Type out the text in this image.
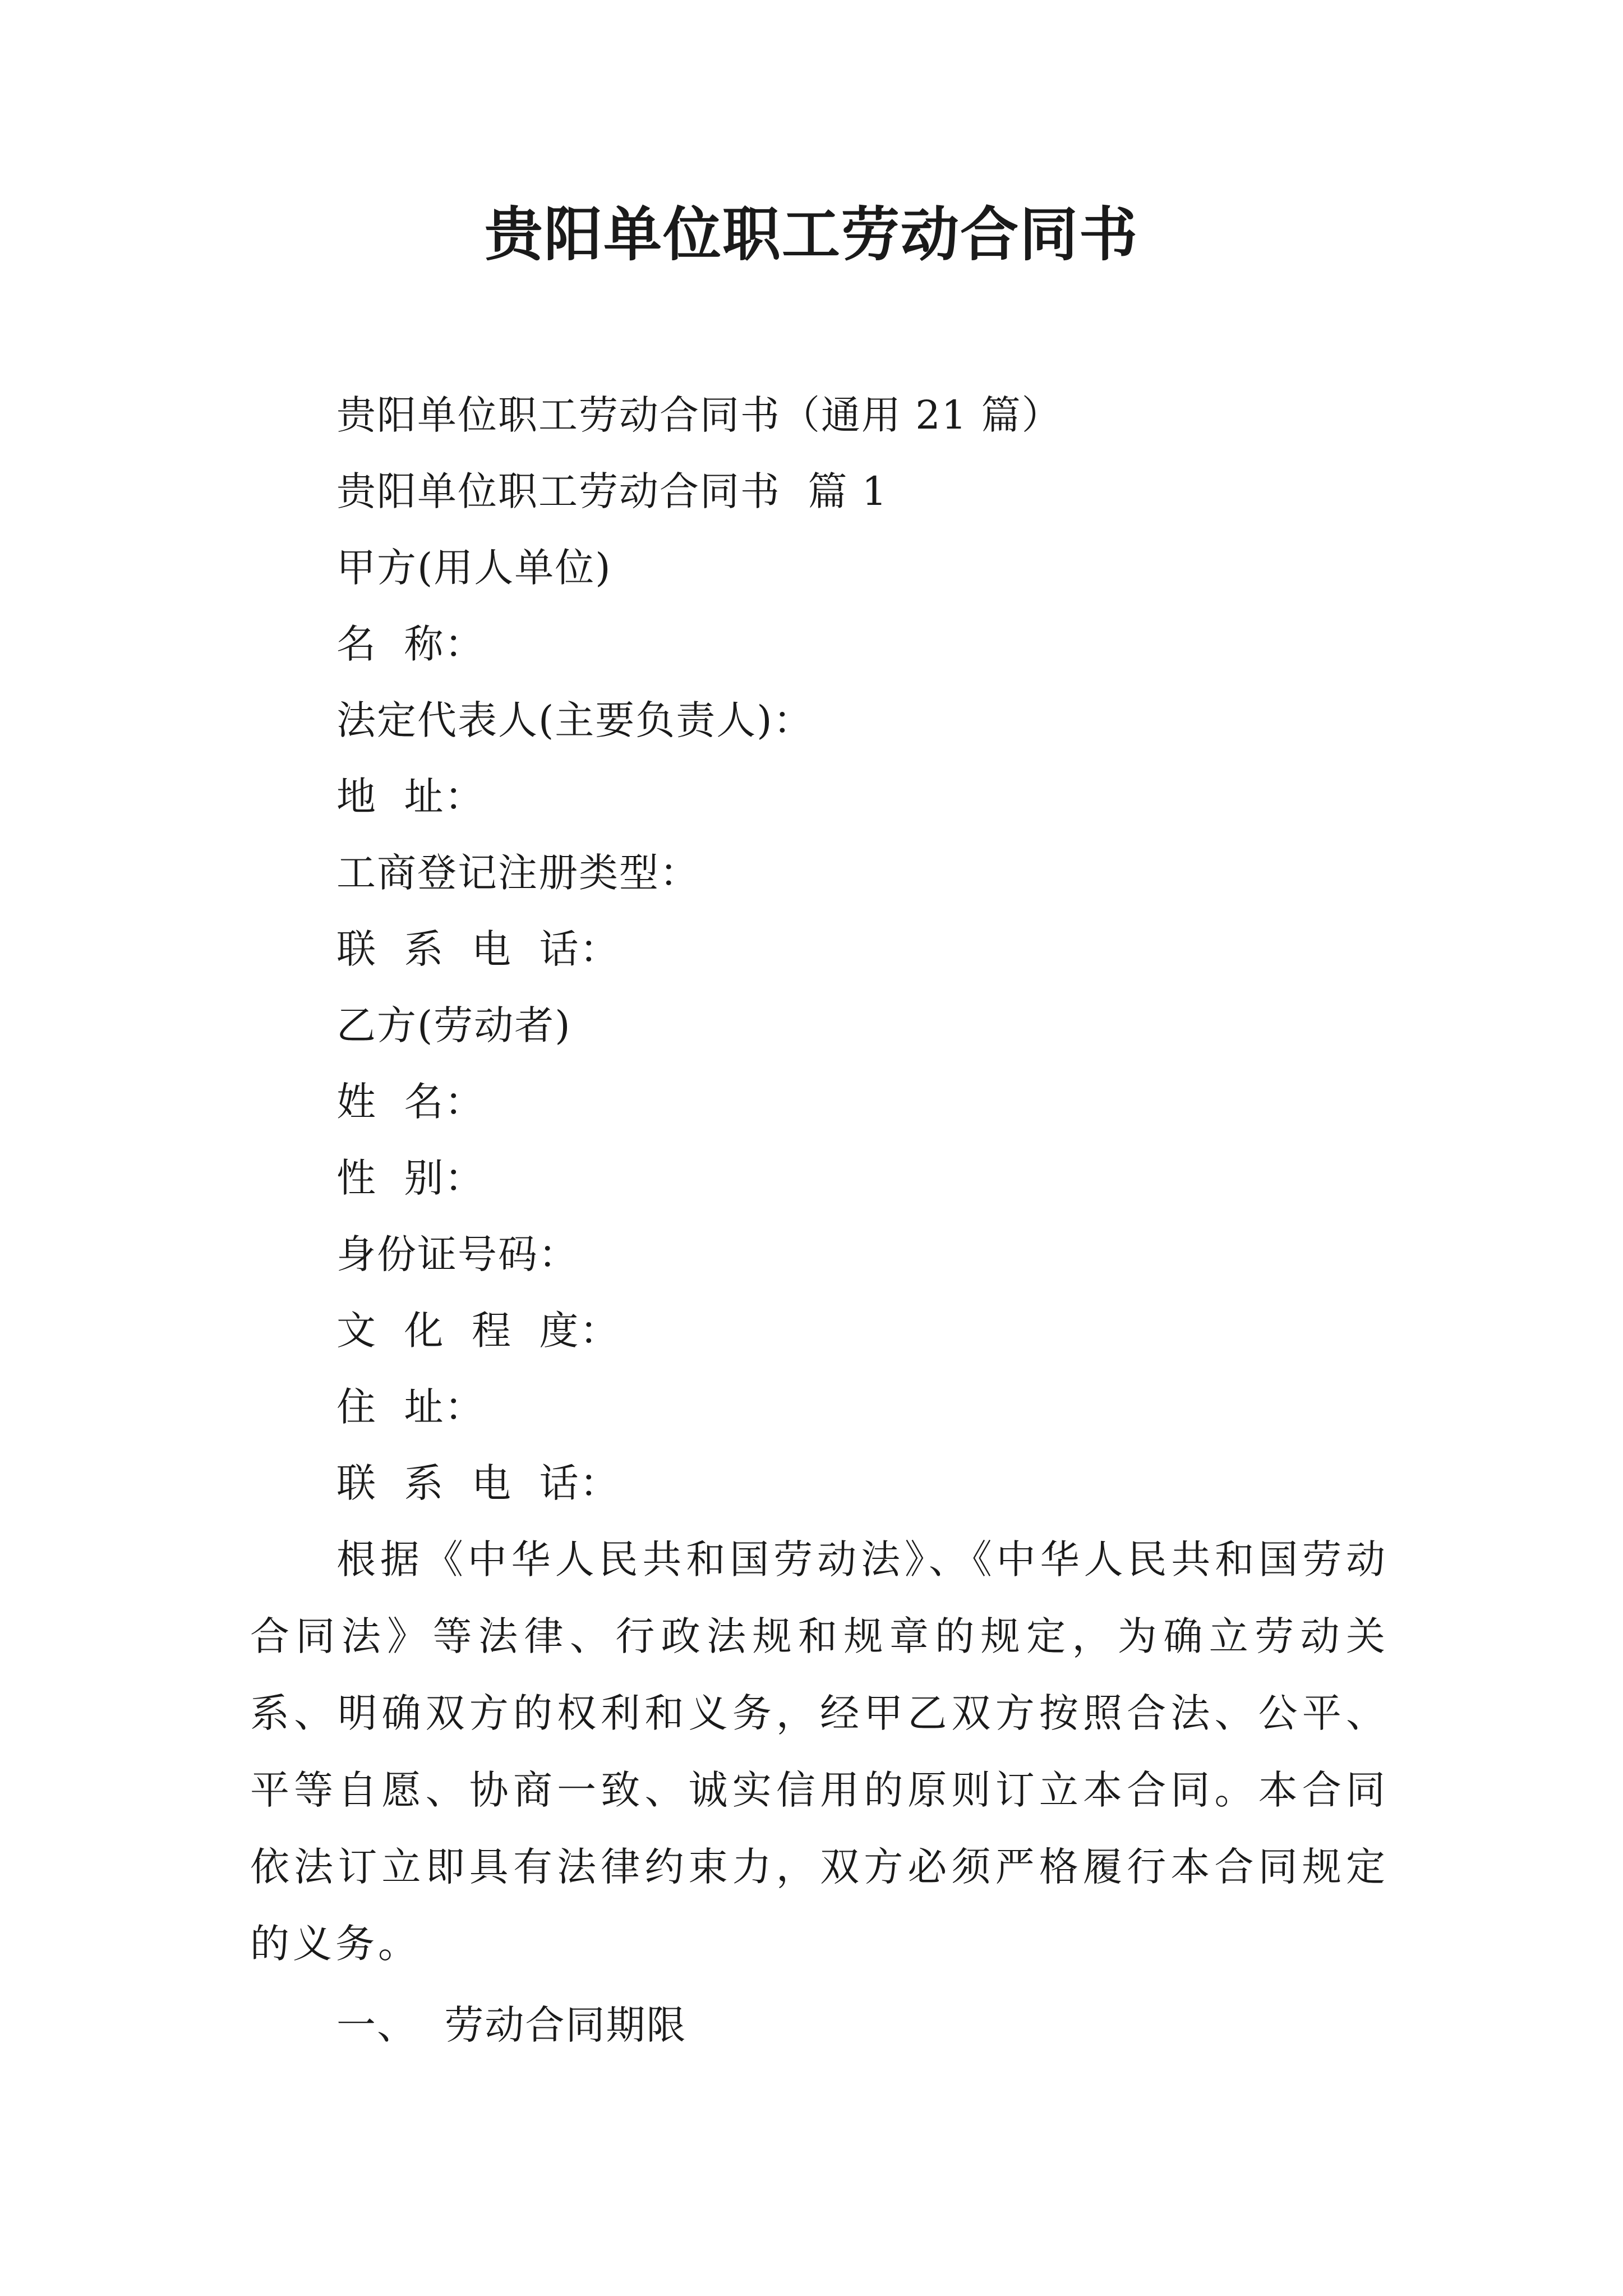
贵阳单位职工劳动合同书
贵阳单位职工劳动合同书（通用 21 篇）
贵阳单位职工劳动合同书  篇 1
甲方(用人单位)
名  称：
法定代表人(主要负责人)：
地  址：
工商登记注册类型：
联  系  电  话：
乙方(劳动者)
姓  名：
性  别：
身份证号码：
文  化  程  度：
住  址：
联  系  电  话：
根据《中华人民共和国劳动法》、《中华人民共和国劳动合同法》等法律、行政法规和规章的规定，为确立劳动关系、明确双方的权利和义务，经甲乙双方按照合法、公平、平等自愿、协商一致、诚实信用的原则订立本合同。本合同依法订立即具有法律约束力，双方必须严格履行本合同规定的义务。
一、  劳动合同期限
